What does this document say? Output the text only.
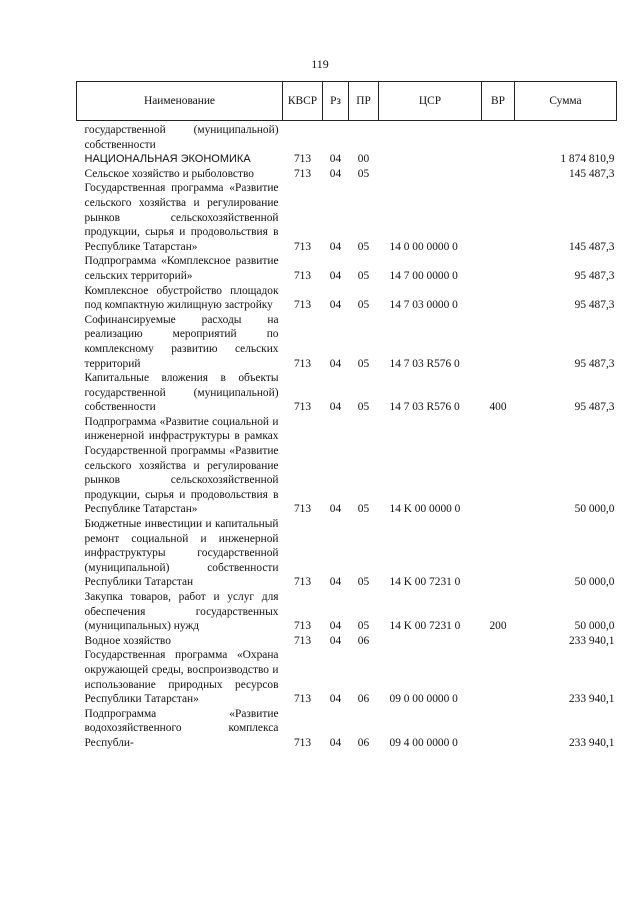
119
Наименование	КВСР	Рз	ПР	ЦСР	ВР	Сумма
государственной (муниципальной) собственности						
НАЦИОНАЛЬНАЯ ЭКОНОМИКА	713	04	00			1 874 810,9
Сельское хозяйство и рыболовство	713	04	05			145 487,3
Государственная программа «Развитие сельского хозяйства и регулирование рынков сельскохозяйственной продукции, сырья и продовольствия в Республике Татарстан»	713	04	05	14 0 00 0000 0		145 487,3
Подпрограмма «Комплексное развитие сельских территорий»	713	04	05	14 7 00 0000 0		95 487,3
Комплексное обустройство площадок под компактную жилищную застройку	713	04	05	14 7 03 0000 0		95 487,3
Софинансируемые расходы на реализацию мероприятий по комплексному развитию сельских территорий	713	04	05	14 7 03 R576 0		95 487,3
Капитальные вложения в объекты государственной (муниципальной) собственности	713	04	05	14 7 03 R576 0	400	95 487,3
Подпрограмма «Развитие социальной и инженерной инфраструктуры в рамках Государственной программы «Развитие сельского хозяйства и регулирование рынков сельскохозяйственной продукции, сырья и продовольствия в Республике Татарстан»	713	04	05	14 K 00 0000 0		50 000,0
Бюджетные инвестиции и капитальный ремонт социальной и инженерной инфраструктуры государственной (муниципальной) собственности Республики Татарстан	713	04	05	14 K 00 7231 0		50 000,0
Закупка товаров, работ и услуг для обеспечения государственных (муниципальных) нужд	713	04	05	14 K 00 7231 0	200	50 000,0
Водное хозяйство	713	04	06			233 940,1
Государственная программа «Охрана окружающей среды, воспроизводство и использование природных ресурсов Республики Татарстан»	713	04	06	09 0 00 0000 0		233 940,1
Подпрограмма «Развитие водохозяйственного комплекса Республи-	713	04	06	09 4 00 0000 0		233 940,1
